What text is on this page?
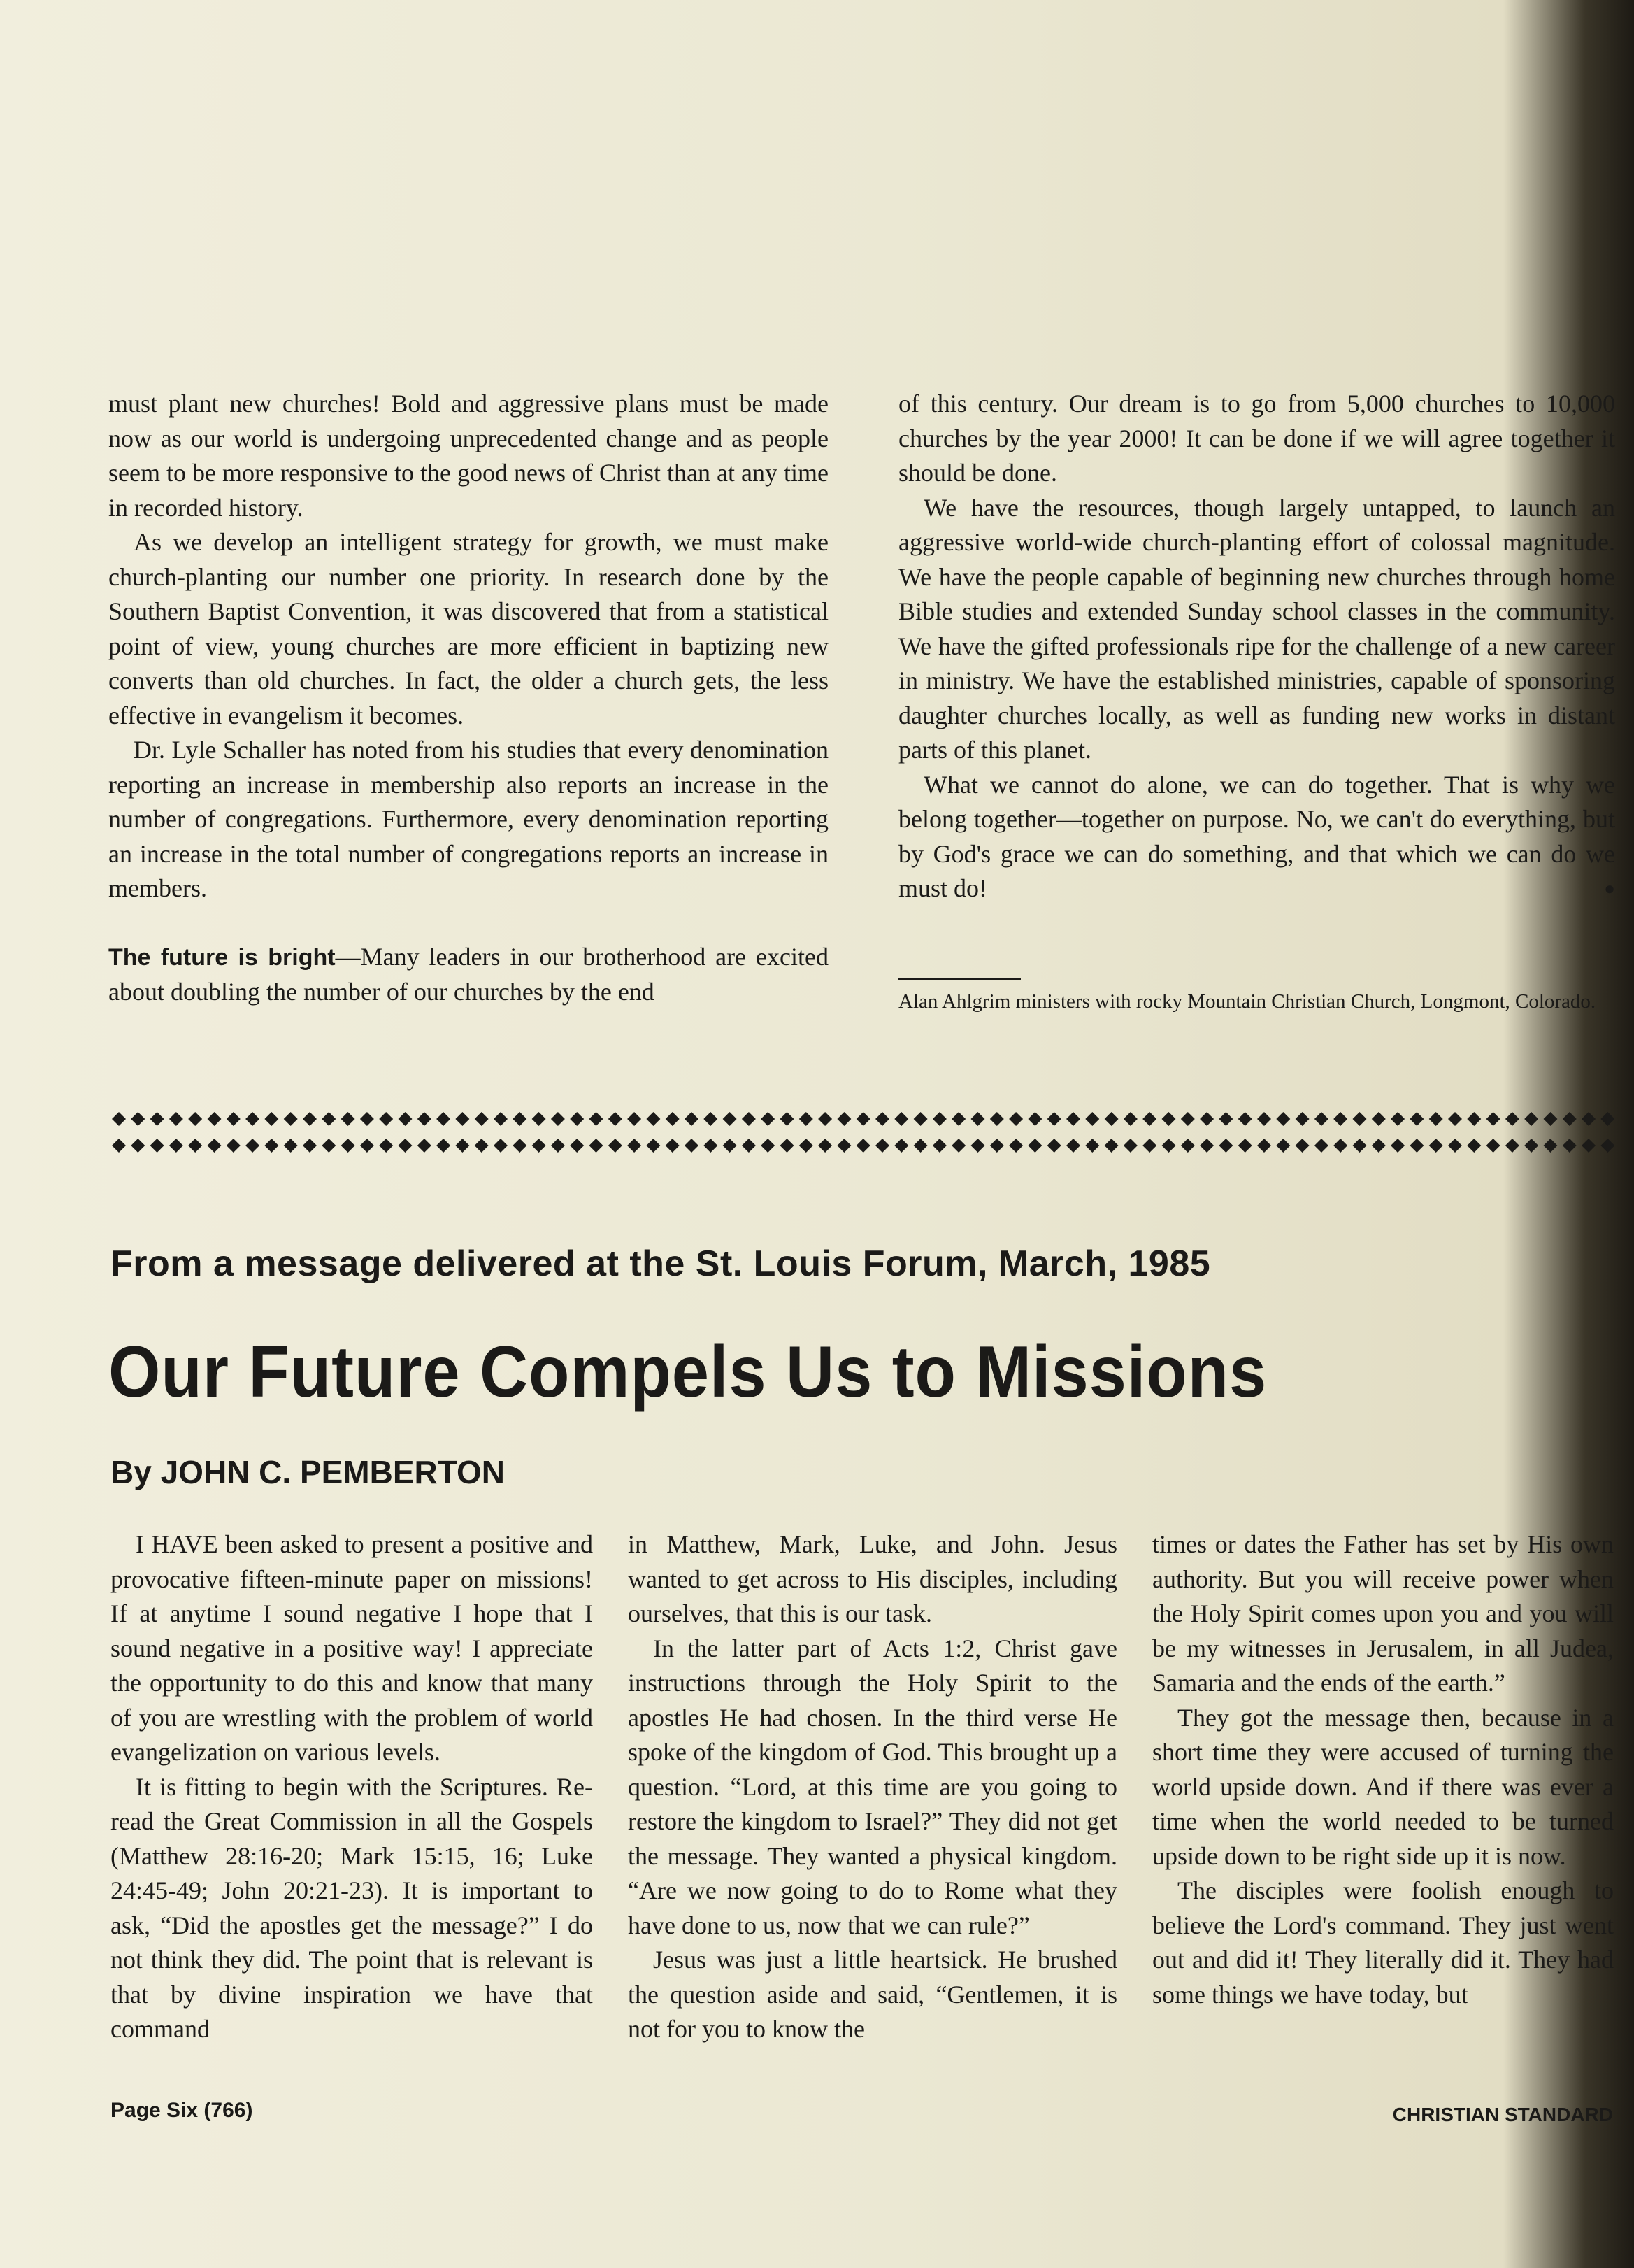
must plant new churches! Bold and aggressive plans must be made now as our world is undergoing unprecedented change and as people seem to be more responsive to the good news of Christ than at any time in recorded history.

As we develop an intelligent strategy for growth, we must make church-planting our number one priority. In research done by the Southern Baptist Convention, it was discovered that from a statistical point of view, young churches are more efficient in baptizing new converts than old churches. In fact, the older a church gets, the less effective in evangelism it becomes.

Dr. Lyle Schaller has noted from his studies that every denomination reporting an increase in membership also reports an increase in the number of congregations. Furthermore, every denomination reporting an increase in the total number of congregations reports an increase in members.

The future is bright—Many leaders in our brotherhood are excited about doubling the number of our churches by the end

of this century. Our dream is to go from 5,000 churches to 10,000 churches by the year 2000! It can be done if we will agree together it should be done.

We have the resources, though largely untapped, to launch an aggressive world-wide church-planting effort of colossal magnitude. We have the people capable of beginning new churches through home Bible studies and extended Sunday school classes in the community. We have the gifted professionals ripe for the challenge of a new career in ministry. We have the established ministries, capable of sponsoring daughter churches locally, as well as funding new works in distant parts of this planet.

What we cannot do alone, we can do together. That is why we belong together—together on purpose. No, we can't do everything, but by God's grace we can do something, and that which we can do we must do!	●

Alan Ahlgrim ministers with rocky Mountain Christian Church, Longmont, Colorado.
From a message delivered at the St. Louis Forum, March, 1985
Our Future Compels Us to Missions
By JOHN C. PEMBERTON

I HAVE been asked to present a positive and provocative fifteen-minute paper on missions! If at anytime I sound negative I hope that I sound negative in a positive way! I appreciate the opportunity to do this and know that many of you are wrestling with the problem of world evangelization on various levels.

It is fitting to begin with the Scriptures. Re-read the Great Commission in all the Gospels (Matthew 28:16-20; Mark 15:15, 16; Luke 24:45-49; John 20:21-23). It is important to ask, “Did the apostles get the message?” I do not think they did. The point that is relevant is that by divine inspiration we have that command

in Matthew, Mark, Luke, and John. Jesus wanted to get across to His disciples, including ourselves, that this is our task.

In the latter part of Acts 1:2, Christ gave instructions through the Holy Spirit to the apostles He had chosen. In the third verse He spoke of the kingdom of God. This brought up a question. “Lord, at this time are you going to restore the kingdom to Israel?” They did not get the message. They wanted a physical kingdom. “Are we now going to do to Rome what they have done to us, now that we can rule?”

Jesus was just a little heartsick. He brushed the question aside and said, “Gentlemen, it is not for you to know the

times or dates the Father has set by His own authority. But you will receive power when the Holy Spirit comes upon you and you will be my witnesses in Jerusalem, in all Judea, Samaria and the ends of the earth.”

They got the message then, because in a short time they were accused of turning the world upside down. And if there was ever a time when the world needed to be turned upside down to be right side up it is now.

The disciples were foolish enough to believe the Lord's command. They just went out and did it! They literally did it. They had some things we have today, but

Page Six (766)	CHRISTIAN STANDARD
